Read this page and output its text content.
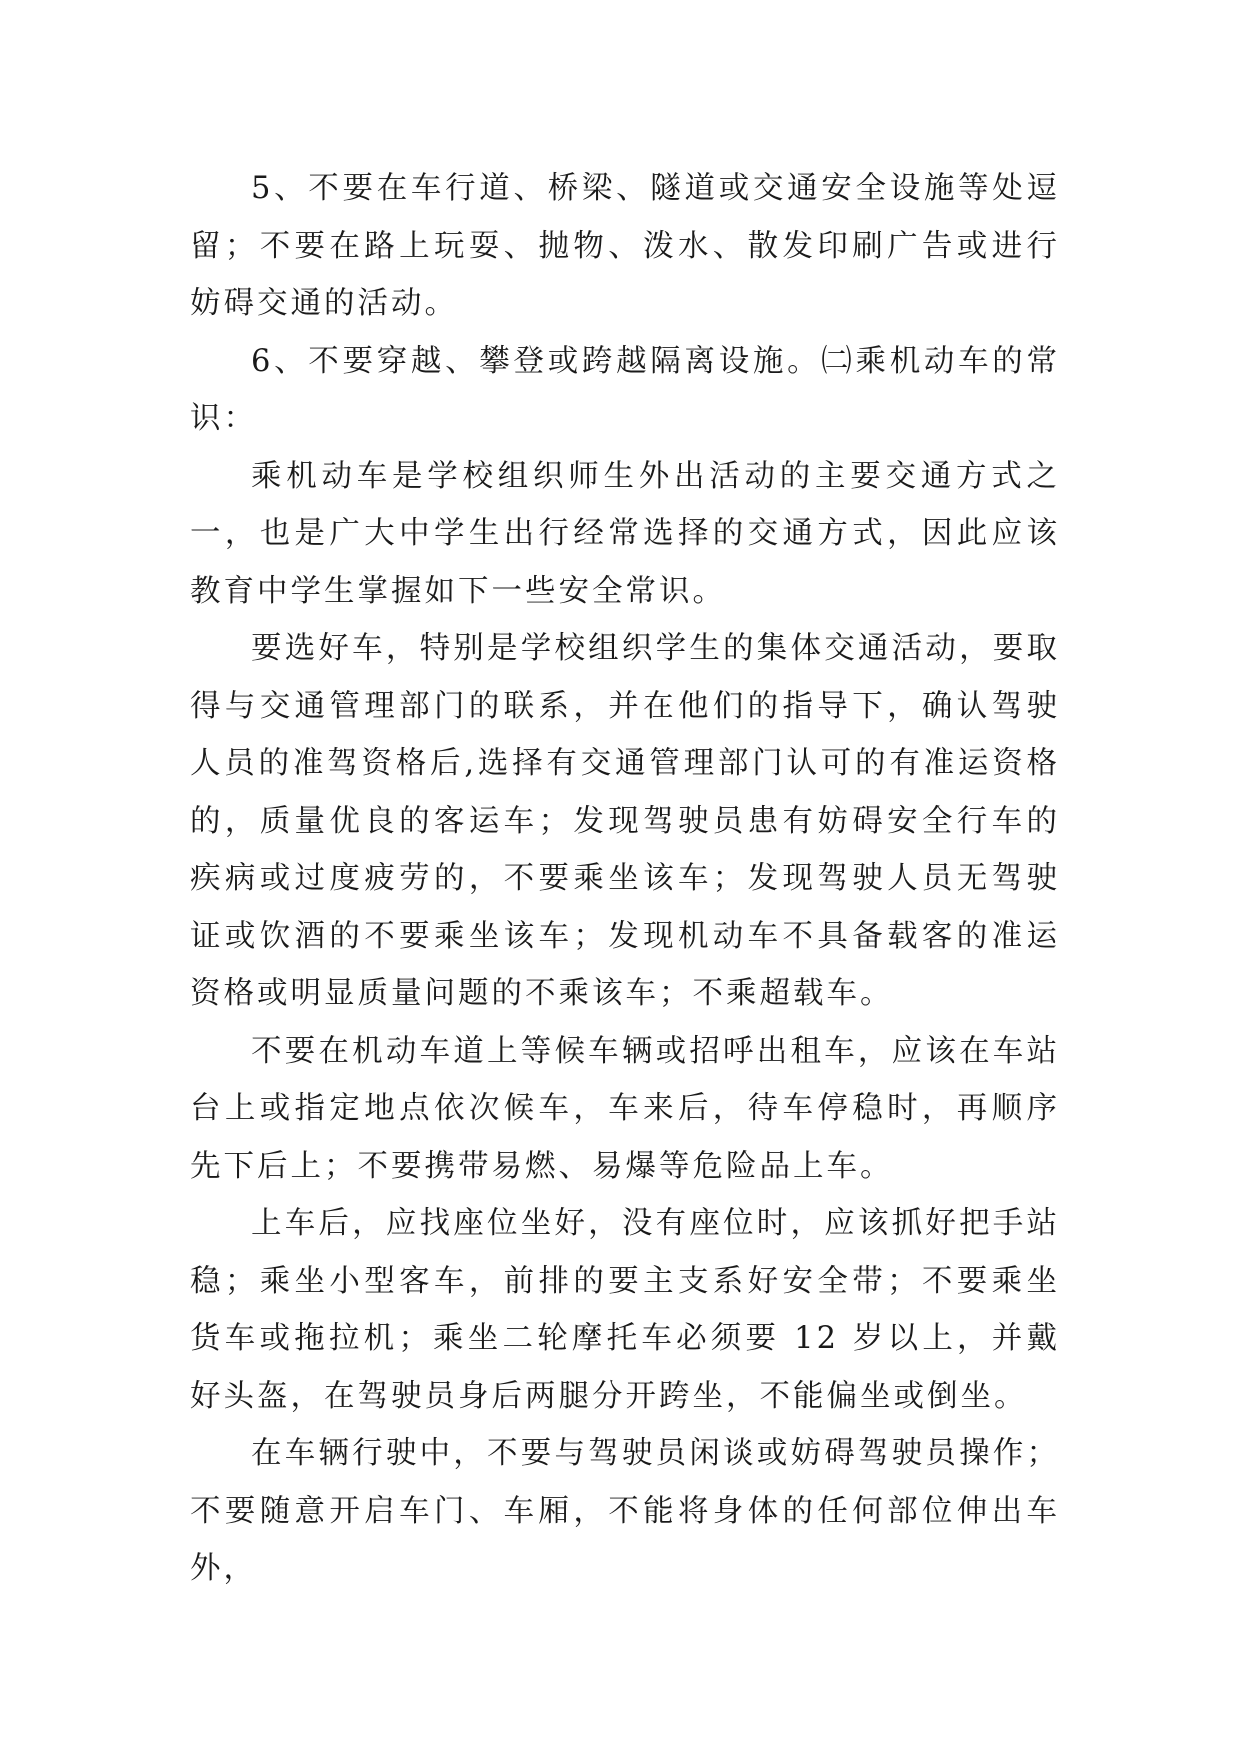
5、不要在车行道、桥梁、隧道或交通安全设施等处逗留；不要在路上玩耍、抛物、泼水、散发印刷广告或进行妨碍交通的活动。

6、不要穿越、攀登或跨越隔离设施。㈡乘机动车的常识：

乘机动车是学校组织师生外出活动的主要交通方式之一，也是广大中学生出行经常选择的交通方式，因此应该教育中学生掌握如下一些安全常识。

要选好车，特别是学校组织学生的集体交通活动，要取得与交通管理部门的联系，并在他们的指导下，确认驾驶人员的准驾资格后,选择有交通管理部门认可的有准运资格的，质量优良的客运车；发现驾驶员患有妨碍安全行车的疾病或过度疲劳的，不要乘坐该车；发现驾驶人员无驾驶证或饮酒的不要乘坐该车；发现机动车不具备载客的准运资格或明显质量问题的不乘该车；不乘超载车。

不要在机动车道上等候车辆或招呼出租车，应该在车站台上或指定地点依次候车，车来后，待车停稳时，再顺序先下后上；不要携带易燃、易爆等危险品上车。

上车后，应找座位坐好，没有座位时，应该抓好把手站稳；乘坐小型客车，前排的要主支系好安全带；不要乘坐货车或拖拉机；乘坐二轮摩托车必须要 12 岁以上，并戴好头盔，在驾驶员身后两腿分开跨坐，不能偏坐或倒坐。

在车辆行驶中，不要与驾驶员闲谈或妨碍驾驶员操作；不要随意开启车门、车厢，不能将身体的任何部位伸出车外，
